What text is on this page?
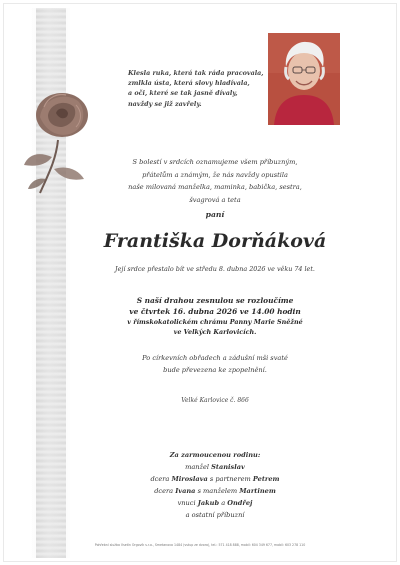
Klesla ruka, která tak ráda pracovala,
zmlkla ústa, která slovy hladívala,
a oči, které se tak jasně dívaly,
navždy se již zavřely.
S bolestí v srdcích oznamujeme všem příbuzným,
přátelům a známým, že nás navždy opustila
naše milovaná manželka, maminka, babička, sestra,
švagrová a teta
paní
Františka Dorňáková
Její srdce přestalo bít ve středu 8. dubna 2026 ve věku 74 let.
S naší drahou zesnulou se rozloučíme
ve čtvrtek 16. dubna 2026 ve 14.00 hodin
v římskokatolickém chrámu Panny Marie Sněžné
ve Velkých Karlovicích.
Po církevních obřadech a zádušní mši svaté
bude převezena ke zpopelnění.
Velké Karlovice č. 866
Za zarmoucenou rodinu:
manžel Stanislav
dcera Miroslava s partnerem Petrem
dcera Ivana s manželem Martinem
vnuci Jakub a Ondřej
a ostatní příbuzní
Pohřební služba Vsetín Orgovík s.r.o., Smetanova 1484 (vstup ze dvora), tel.: 571 418 888, mobil: 604 349 677, mobil: 603 278 110
